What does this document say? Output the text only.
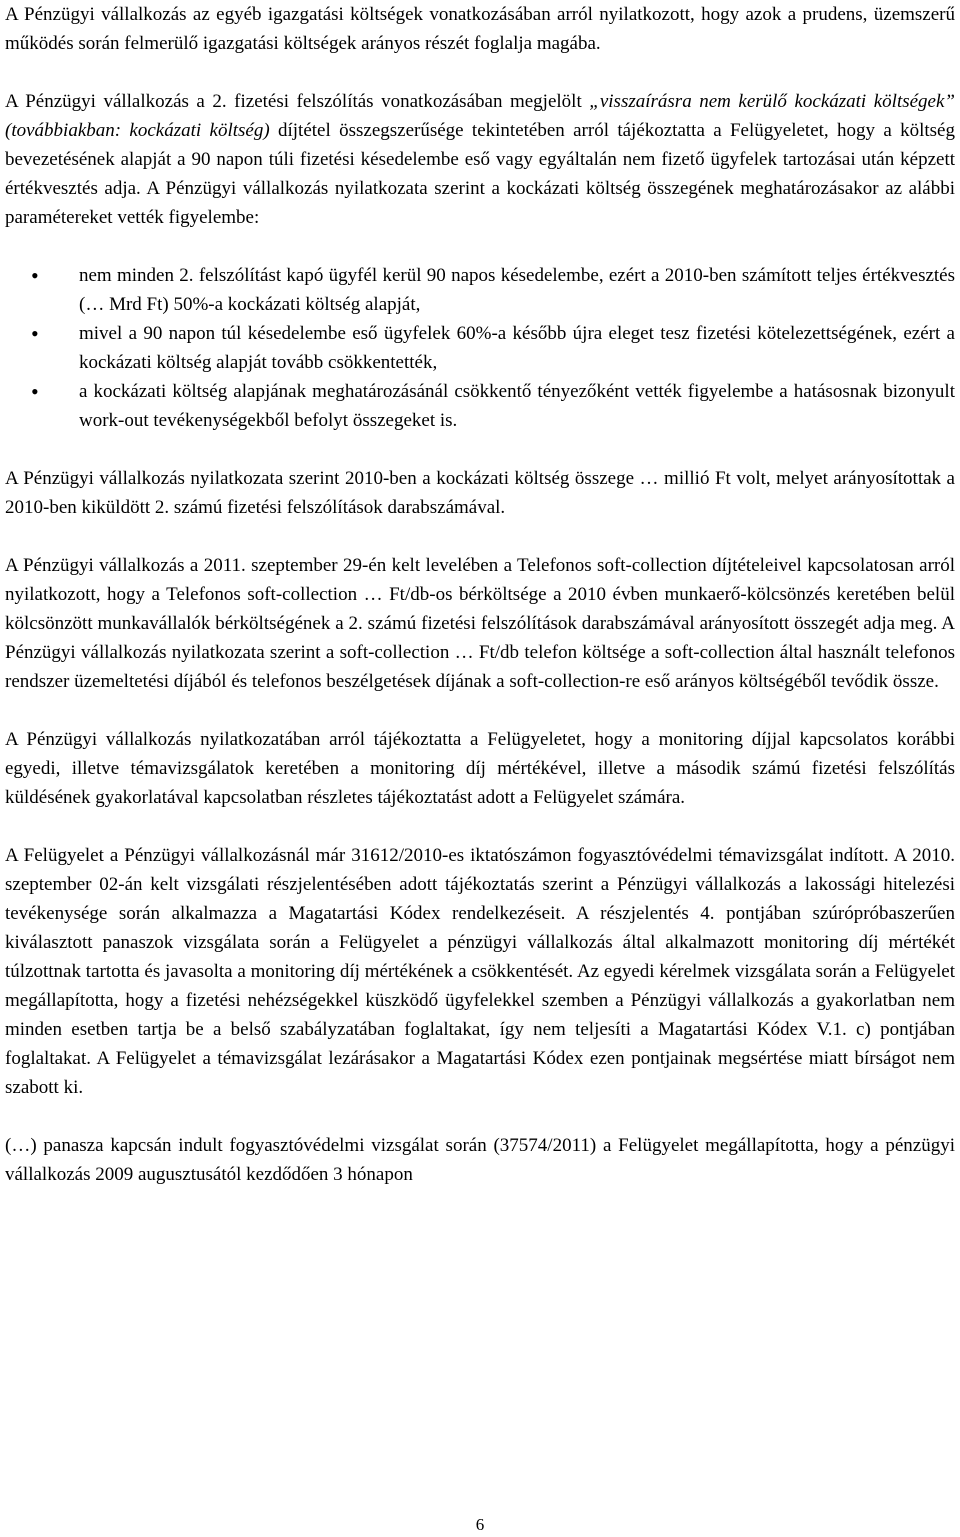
A Pénzügyi vállalkozás az egyéb igazgatási költségek vonatkozásában arról nyilatkozott, hogy azok a prudens, üzemszerű működés során felmerülő igazgatási költségek arányos részét foglalja magába.

A Pénzügyi vállalkozás a 2. fizetési felszólítás vonatkozásában megjelölt „visszaírásra nem kerülő kockázati költségek” (továbbiakban: kockázati költség) díjtétel összegszerűsége tekintetében arról tájékoztatta a Felügyeletet, hogy a költség bevezetésének alapját a 90 napon túli fizetési késedelembe eső vagy egyáltalán nem fizető ügyfelek tartozásai után képzett értékvesztés adja. A Pénzügyi vállalkozás nyilatkozata szerint a kockázati költség összegének meghatározásakor az alábbi paramétereket vették figyelembe:

• nem minden 2. felszólítást kapó ügyfél kerül 90 napos késedelembe, ezért a 2010-ben számított teljes értékvesztés (… Mrd Ft) 50%-a kockázati költség alapját,
• mivel a 90 napon túl késedelembe eső ügyfelek 60%-a később újra eleget tesz fizetési kötelezettségének, ezért a kockázati költség alapját tovább csökkentették,
• a kockázati költség alapjának meghatározásánál csökkentő tényezőként vették figyelembe a hatásosnak bizonyult work-out tevékenységekből befolyt összegeket is.

A Pénzügyi vállalkozás nyilatkozata szerint 2010-ben a kockázati költség összege … millió Ft volt, melyet arányosítottak a 2010-ben kiküldött 2. számú fizetési felszólítások darabszámával.

A Pénzügyi vállalkozás a 2011. szeptember 29-én kelt levelében a Telefonos soft-collection díjtételeivel kapcsolatosan arról nyilatkozott, hogy a Telefonos soft-collection … Ft/db-os bérköltsége a 2010 évben munkaerő-kölcsönzés keretében belül kölcsönzött munkavállalók bérköltségének a 2. számú fizetési felszólítások darabszámával arányosított összegét adja meg. A Pénzügyi vállalkozás nyilatkozata szerint a soft-collection … Ft/db telefon költsége a soft-collection által használt telefonos rendszer üzemeltetési díjából és telefonos beszélgetések díjának a soft-collection-re eső arányos költségéből tevődik össze.

A Pénzügyi vállalkozás nyilatkozatában arról tájékoztatta a Felügyeletet, hogy a monitoring díjjal kapcsolatos korábbi egyedi, illetve témavizsgálatok keretében a monitoring díj mértékével, illetve a második számú fizetési felszólítás küldésének gyakorlatával kapcsolatban részletes tájékoztatást adott a Felügyelet számára.

A Felügyelet a Pénzügyi vállalkozásnál már 31612/2010-es iktatószámon fogyasztóvédelmi témavizsgálat indított. A 2010. szeptember 02-án kelt vizsgálati részjelentésében adott tájékoztatás szerint a Pénzügyi vállalkozás a lakossági hitelezési tevékenysége során alkalmazza a Magatartási Kódex rendelkezéseit. A részjelentés 4. pontjában szúrópróbaszerűen kiválasztott panaszok vizsgálata során a Felügyelet a pénzügyi vállalkozás által alkalmazott monitoring díj mértékét túlzottnak tartotta és javasolta a monitoring díj mértékének a csökkentését. Az egyedi kérelmek vizsgálata során a Felügyelet megállapította, hogy a fizetési nehézségekkel küszködő ügyfelekkel szemben a Pénzügyi vállalkozás a gyakorlatban nem minden esetben tartja be a belső szabályzatában foglaltakat, így nem teljesíti a Magatartási Kódex V.1. c) pontjában foglaltakat. A Felügyelet a témavizsgálat lezárásakor a Magatartási Kódex ezen pontjainak megsértése miatt bírságot nem szabott ki.

(…) panasza kapcsán indult fogyasztóvédelmi vizsgálat során (37574/2011) a Felügyelet megállapította, hogy a pénzügyi vállalkozás 2009 augusztusától kezdődően 3 hónapon

6
